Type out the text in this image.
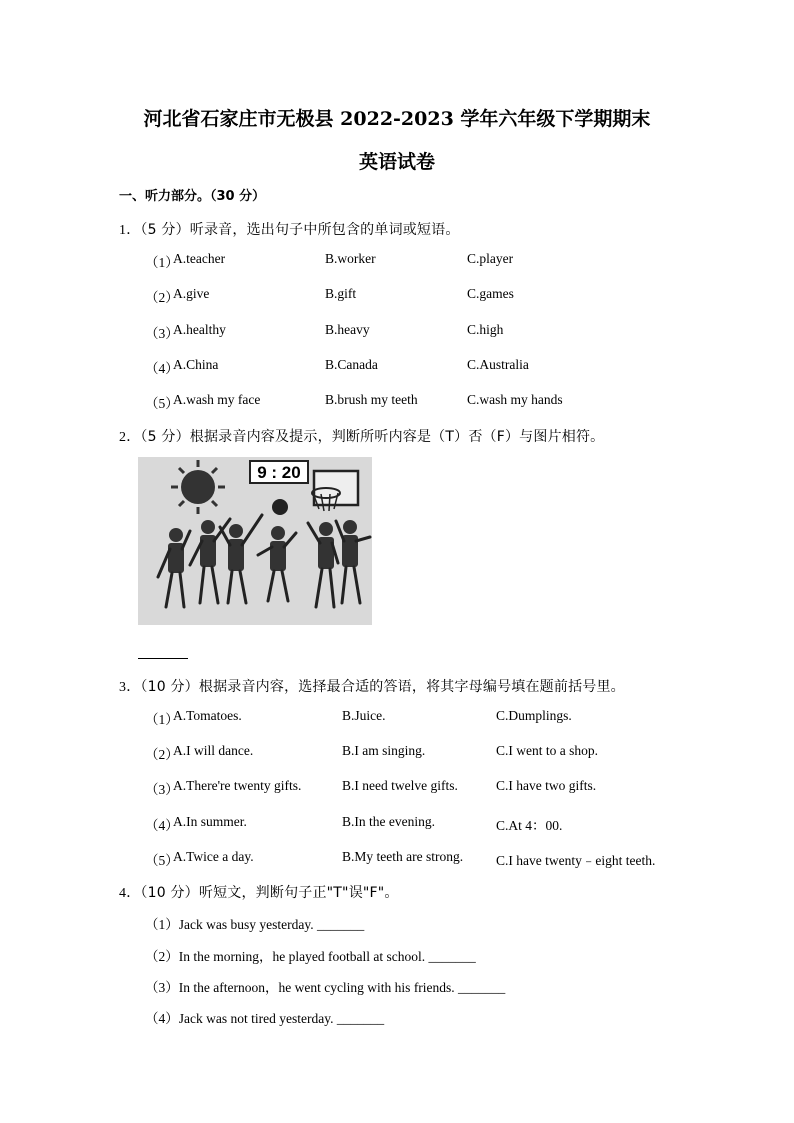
河北省石家庄市无极县 2022-2023 学年六年级下学期期末
英语试卷
一、听力部分。（30 分）
1．（5 分）听录音，选出句子中所包含的单词或短语。
（1）
A.teacher	B.worker	C.player
（2）
A.give	B.gift	C.games
（3）
A.healthy	B.heavy	C.high
（4）
A.China	B.Canada	C.Australia
（5）
A.wash my face	B.brush my teeth	C.wash my hands
2．（5 分）根据录音内容及提示，判断所听内容是（T）否（F）与图片相符。
9 : 20
3．（10 分）根据录音内容，选择最合适的答语，将其字母编号填在题前括号里。
（1）
A.Tomatoes.	B.Juice.	C.Dumplings.
（2）
A.I will dance.	B.I am singing.	C.I went to a shop.
（3）
A.There're twenty gifts.	B.I need twelve gifts.	C.I have two gifts.
（4）
A.In summer.	B.In the evening.	C.At 4：00.
（5）
A.Twice a day.	B.My teeth are strong. C.I have twenty﹣eight teeth.
4．（10 分）听短文，判断句子正"T"误"F"。
（1）Jack was busy yesterday. _______
（2）In the morning，he played football at school. _______
（3）In the afternoon，he went cycling with his friends. _______
（4）Jack was not tired yesterday. _______
